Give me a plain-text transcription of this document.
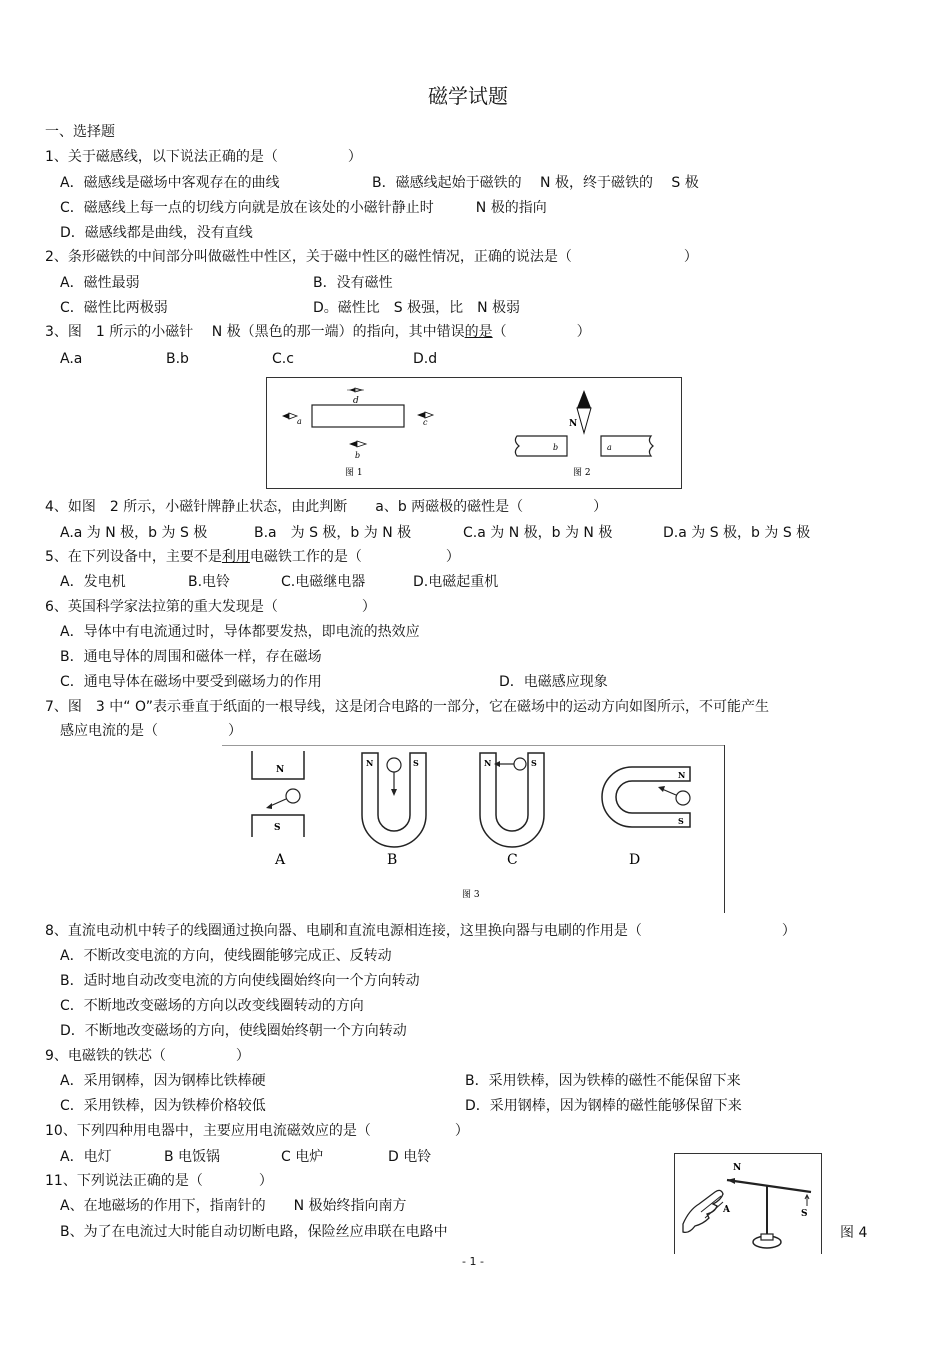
磁学试题
一、选择题
1、关于磁感线，以下说法正确的是（　　　　　）
A．磁感线是磁场中客观存在的曲线	B．磁感线起始于磁铁的　 N 极，终于磁铁的　 S 极
C．磁感线上每一点的切线方向就是放在该处的小磁针静止时　　　N 极的指向
D．磁感线都是曲线，没有直线
2、条形磁铁的中间部分叫做磁性中性区，关于磁中性区的磁性情况，正确的说法是（　　　　　　　　）
A．磁性最弱	B．没有磁性
C．磁性比两极弱	D。磁性比　S 极强，比　N 极弱
3、图　1 所示的小磁针　 N 极（黑色的那一端）的指向，其中错误的是（　　　　　）
A.a	B.b	C.c	D.d
d
a	c
b
图 1
b	a
N
图 2
4、如图　2 所示，小磁针牌静止状态，由此判断　　a、b 两磁极的磁性是（　　　　　）
A.a 为 N 极，b 为 S 极	B.a　为 S 极，b 为 N 极	C.a 为 N 极，b 为 N 极	D.a 为 S 极，b 为 S 极
5、在下列设备中，主要不是利用电磁铁工作的是（　　　　　　）
A．发电机	B.电铃	C.电磁继电器	D.电磁起重机
6、英国科学家法拉第的重大发现是（　　　　　　）
A．导体中有电流通过时，导体都要发热，即电流的热效应
B．通电导体的周围和磁体一样，存在磁场
C．通电导体在磁场中要受到磁场力的作用	D．电磁感应现象
7、图　3 中“ O”表示垂直于纸面的一根导线，这是闭合电路的一部分，它在磁场中的运动方向如图所示，不可能产生
感应电流的是（　　　　　）
N
S
A
N	S
B
N	S
C
N
S
D
图 3
8、直流电动机中转子的线圈通过换向器、电刷和直流电源相连接，这里换向器与电刷的作用是（　　　　　　　　　　）
A．不断改变电流的方向，使线圈能够完成正、反转动
B．适时地自动改变电流的方向使线圈始终向一个方向转动
C．不断地改变磁场的方向以改变线圈转动的方向
D．不断地改变磁场的方向，使线圈始终朝一个方向转动
9、电磁铁的铁芯（　　　　　）
A．采用钢棒，因为钢棒比铁棒硬	B．采用铁棒，因为铁棒的磁性不能保留下来
C．采用铁棒，因为铁棒价格较低	D．采用钢棒，因为钢棒的磁性能够保留下来
10、下列四种用电器中，主要应用电流磁效应的是（　　　　　　）
A．电灯	B 电饭锅	C 电炉	D 电铃
11、下列说法正确的是（　　　　）
A、在地磁场的作用下，指南针的　　N 极始终指向南方
B、为了在电流过大时能自动切断电路，保险丝应串联在电路中
A
N
S
图 4
- 1 -
